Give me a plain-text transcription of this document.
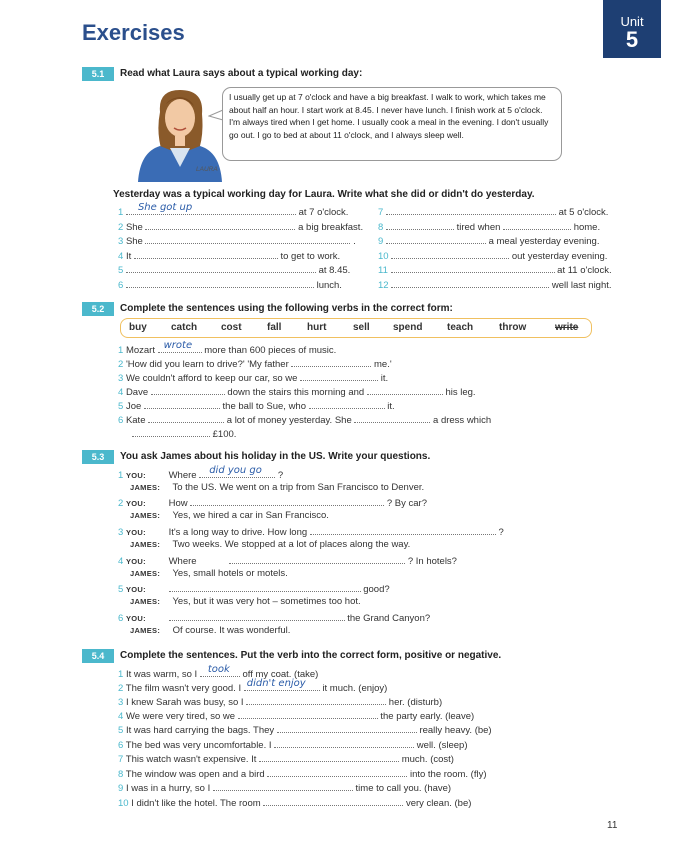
Exercises	Unit
5
5.1	Read what Laura says about a typical working day:
LAURA
I usually get up at 7 o'clock and have a big breakfast. I walk to work, which takes me about half an hour. I start work at 8.45. I never have lunch. I finish work at 5 o'clock. I'm always tired when I get home. I usually cook a meal in the evening. I don't usually go out. I go to bed at about 11 o'clock, and I always sleep well.
Yesterday was a typical working day for Laura. Write what she did or didn't do yesterday.
1 She got up	at 7 o'clock.
2 She	a big breakfast.
3 She	.
4 It	to get to work.
5	at 8.45.
6	lunch.
7	at 5 o'clock.
8	tired when	home.
9	a meal yesterday evening.
10	out yesterday evening.
11	at 11 o'clock.
12	well last night.
5.2	Complete the sentences using the following verbs in the correct form:
buy catch cost	fall	hurt	sell spend teach	throw	write
1 Mozart wrote more than 600 pieces of music.
2 'How did you learn to drive?' 'My father	me.'
3 We couldn't afford to keep our car, so we	it.
4 Dave	down the stairs this morning and	his leg.
5 Joe	the ball to Sue, who	it.
6 Kate	a lot of money yesterday. She	a dress which
£100.
5.3	You ask James about his holiday in the US. Write your questions.
1 YOU: Where did you go ?
JAMES: To the US. We went on a trip from San Francisco to Denver.
2 YOU: How	? By car?
JAMES: Yes, we hired a car in San Francisco.
3 YOU: It's a long way to drive. How long	?
JAMES: Two weeks. We stopped at a lot of places along the way.
4 YOU: Where	? In hotels?
JAMES: Yes, small hotels or motels.
5 YOU:	good?
JAMES: Yes, but it was very hot – sometimes too hot.
6 YOU:	the Grand Canyon?
JAMES: Of course. It was wonderful.
5.4	Complete the sentences. Put the verb into the correct form, positive or negative.
1 It was warm, so I took off my coat. (take)
2 The film wasn't very good. I didn't enjoy it much. (enjoy)
3 I knew Sarah was busy, so I	her. (disturb)
4 We were very tired, so we	the party early. (leave)
5 It was hard carrying the bags. They	really heavy. (be)
6 The bed was very uncomfortable. I	well. (sleep)
7 This watch wasn't expensive. It	much. (cost)
8 The window was open and a bird	into the room. (fly)
9 I was in a hurry, so I	time to call you. (have)
10 I didn't like the hotel. The room	very clean. (be)
11
